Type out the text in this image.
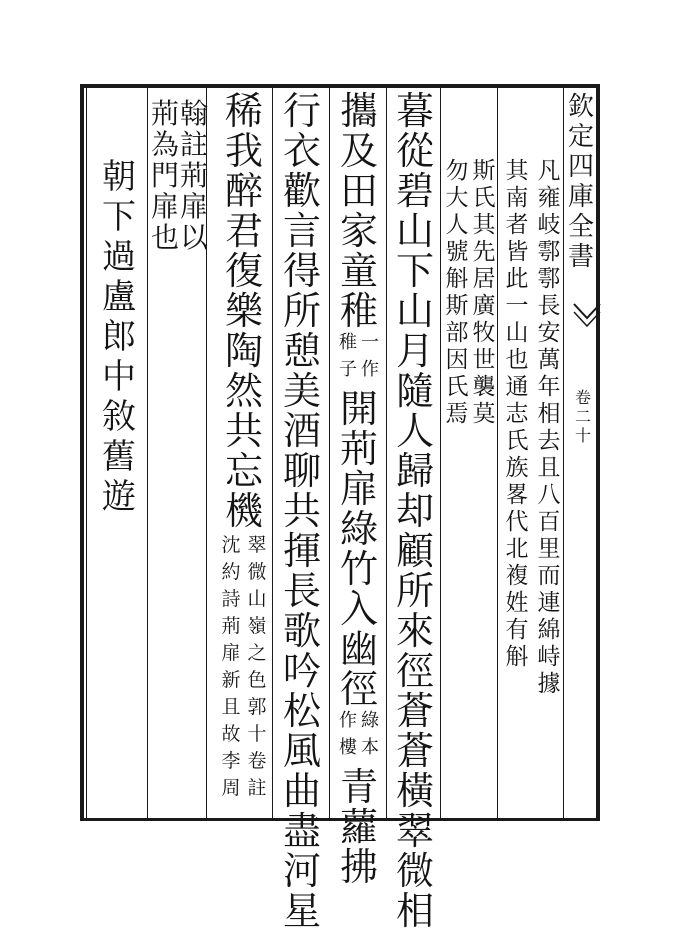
欽
定
四
庫
全
書
卷
二
十
凡
雍
岐
鄠
鄠
長
安
萬
年
相
去
且
八
百
里
而
連
綿
峙
據
其
南
者
皆
此
一
山
也
通
志
氏
族
畧
代
北
複
姓
有
斛
斯
氏
其
先
居
廣
牧
世
襲
莫
勿
大
人
號
斛
斯
部
因
氏
焉
暮
從
碧
山
下
山
月
隨
人
歸
却
顧
所
來
徑
蒼
蒼
橫
翠
微
相
攜
及
田
家
童
稚
一
作
稚
子
開
荊
扉
綠
竹
入
幽
徑
綠
本
作
樓
青
蘿
拂
行
衣
歡
言
得
所
憩
美
酒
聊
共
揮
長
歌
吟
松
風
曲
盡
河
星
稀
我
醉
君
復
樂
陶
然
共
忘
機
翠
微
山
嶺
之
色
郭
十
卷
註
沈
約
詩
荊
扉
新
且
故
李
周
翰
註
荊
扉
以
荊
為
門
扉
也
朝
下
過
盧
郎
中
敘
舊
遊
